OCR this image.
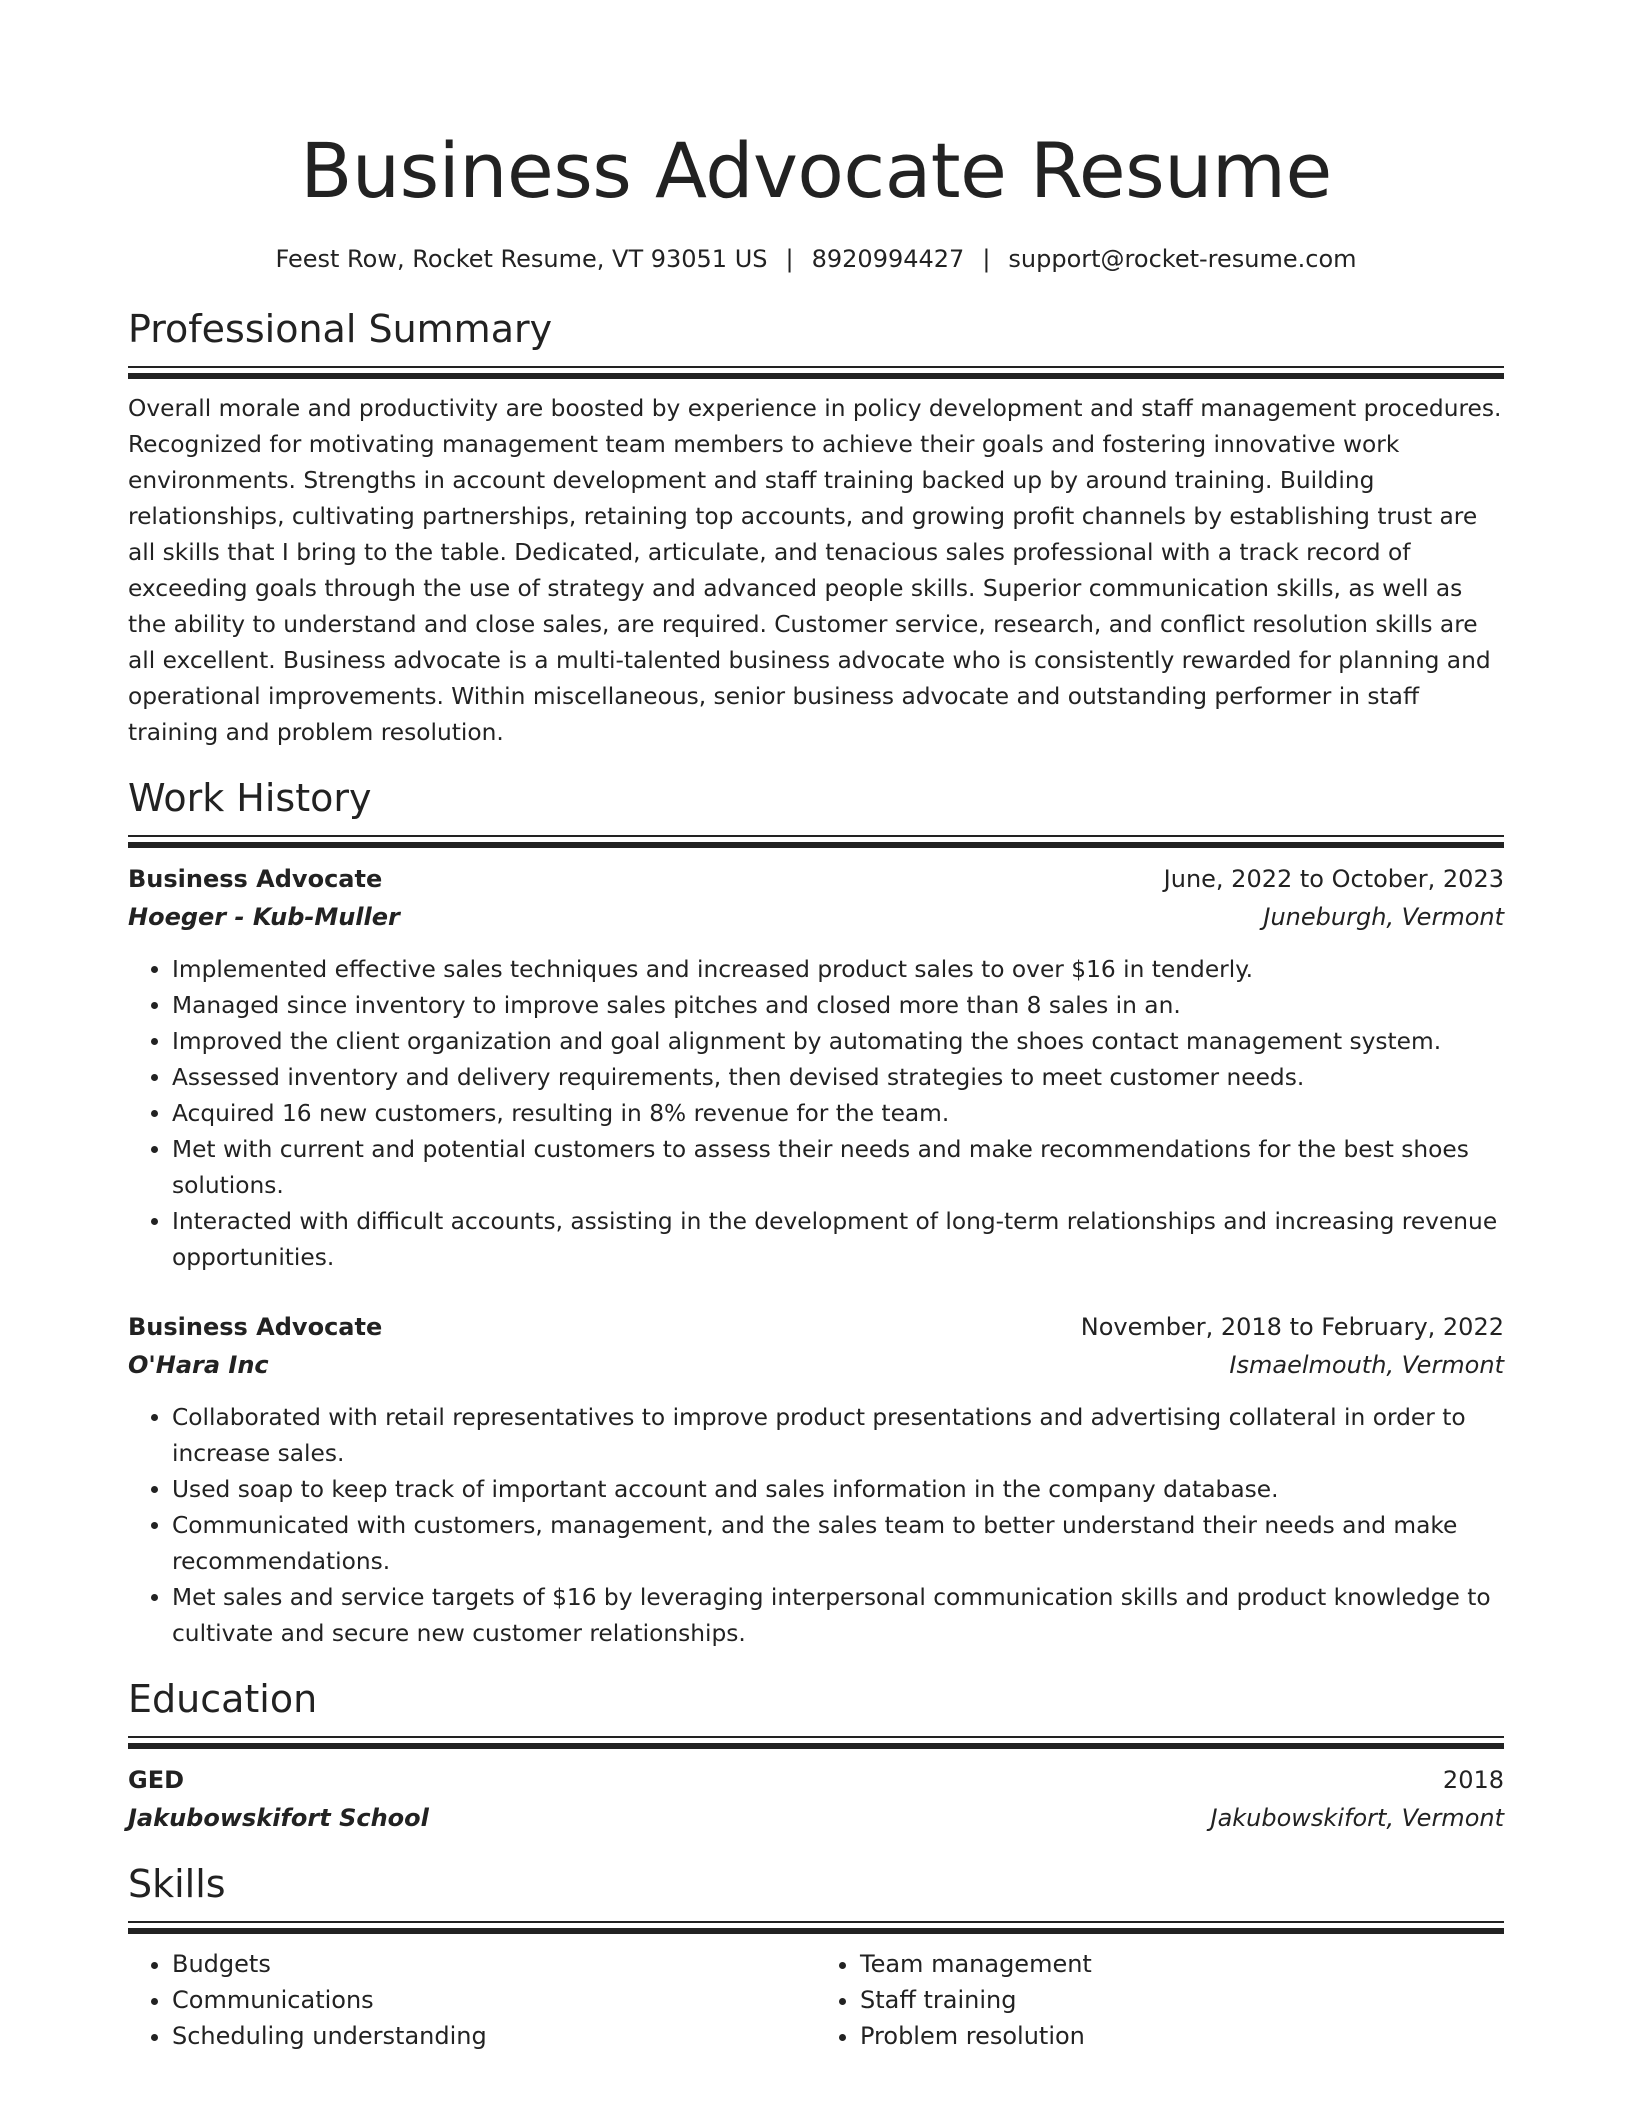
Business Advocate Resume
Feest Row, Rocket Resume, VT 93051 US | 8920994427 | support@rocket-resume.com
Professional Summary

Overall morale and productivity are boosted by experience in policy development and staff management procedures. Recognized for motivating management team members to achieve their goals and fostering innovative work environments. Strengths in account development and staff training backed up by around training. Building relationships, cultivating partnerships, retaining top accounts, and growing profit channels by establishing trust are all skills that I bring to the table. Dedicated, articulate, and tenacious sales professional with a track record of exceeding goals through the use of strategy and advanced people skills. Superior communication skills, as well as the ability to understand and close sales, are required. Customer service, research, and conflict resolution skills are all excellent. Business advocate is a multi-talented business advocate who is consistently rewarded for planning and operational improvements. Within miscellaneous, senior business advocate and outstanding performer in staff training and problem resolution.

Work History
Business Advocate	June, 2022 to October, 2023
Hoeger - Kub-Muller	Juneburgh, Vermont
• Implemented effective sales techniques and increased product sales to over $16 in tenderly.
• Managed since inventory to improve sales pitches and closed more than 8 sales in an.
• Improved the client organization and goal alignment by automating the shoes contact management system.
• Assessed inventory and delivery requirements, then devised strategies to meet customer needs.
• Acquired 16 new customers, resulting in 8% revenue for the team.
• Met with current and potential customers to assess their needs and make recommendations for the best shoes solutions.
• Interacted with difficult accounts, assisting in the development of long-term relationships and increasing revenue opportunities.
Business Advocate	November, 2018 to February, 2022
O'Hara Inc	Ismaelmouth, Vermont
• Collaborated with retail representatives to improve product presentations and advertising collateral in order to increase sales.
• Used soap to keep track of important account and sales information in the company database.
• Communicated with customers, management, and the sales team to better understand their needs and make recommendations.
• Met sales and service targets of $16 by leveraging interpersonal communication skills and product knowledge to cultivate and secure new customer relationships.
Education
GED	2018
Jakubowskifort School	Jakubowskifort, Vermont
Skills
• Budgets
• Communications
• Scheduling understanding
• Team management
• Staff training
• Problem resolution
